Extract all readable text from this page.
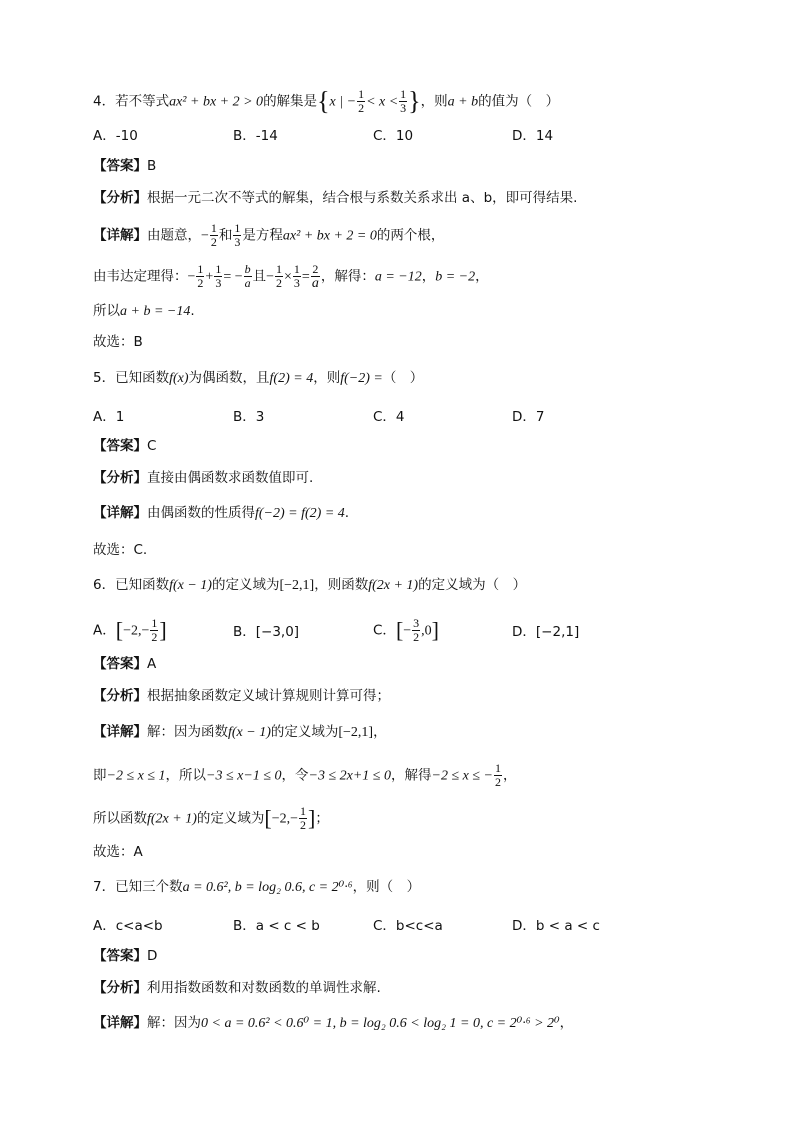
4．若不等式ax² + bx + 2 > 0的解集是{x | − $\frac{1}{2} < x < \frac{1}{3}$ }，则a + b的值为（　）
A．-10	B．-14	C．10	D．14
【答案】B
【分析】根据一元二次不等式的解集，结合根与系数关系求出 a、b，即可得结果.
【详解】由题意，− $\frac{1}{2}$ 和 $\frac{1}{3}$ 是方程ax² + bx + 2 = 0的两个根，
由韦达定理得：− $\frac{1}{2} + \frac{1}{3}$ = − $\frac{b}{a}$ 且− $\frac{1}{2} \times \frac{1}{3} = \frac{2}{a}$ ，解得：a = −12，b = −2，
所以a + b = −14.
故选：B
5．已知函数f(x)为偶函数，且f(2) = 4，则f(−2) =（　）
A．1	B．3	C．4	D．7
【答案】C
【分析】直接由偶函数求函数值即可.
【详解】由偶函数的性质得f(−2) = f(2) = 4.
故选：C.
6．已知函数f(x − 1)的定义域为[−2,1]，则函数f(2x + 1)的定义域为（　）
A．[$-2,- \frac{1}{2}$ ]	B．[−3,0]	C．[− $\frac{3}{2} ,0$]	D．[−2,1]
【答案】A
【分析】根据抽象函数定义域计算规则计算可得；
【详解】解：因为函数f(x − 1)的定义域为[−2,1]，
即−2 ≤ x ≤ 1，所以−3 ≤ x−1 ≤ 0，令−3 ≤ 2x+1 ≤ 0，解得−2 ≤ x ≤ − $\frac{1}{2}$ ，
所以函数f(2x + 1)的定义域为[$-2,- \frac{1}{2}$ ]；
故选：A
7．已知三个数a = 0.6², b = log₂ 0.6, c = 2⁰·⁶，则（　）
A．c<a<b	B．a < c < b	C．b<c<a	D．b < a < c
【答案】D
【分析】利用指数函数和对数函数的单调性求解.
【详解】解：因为0 < a = 0.6² < 0.6⁰ = 1, b = log₂ 0.6 < log₂ 1 = 0, c = 2⁰·⁶ > 2⁰，
